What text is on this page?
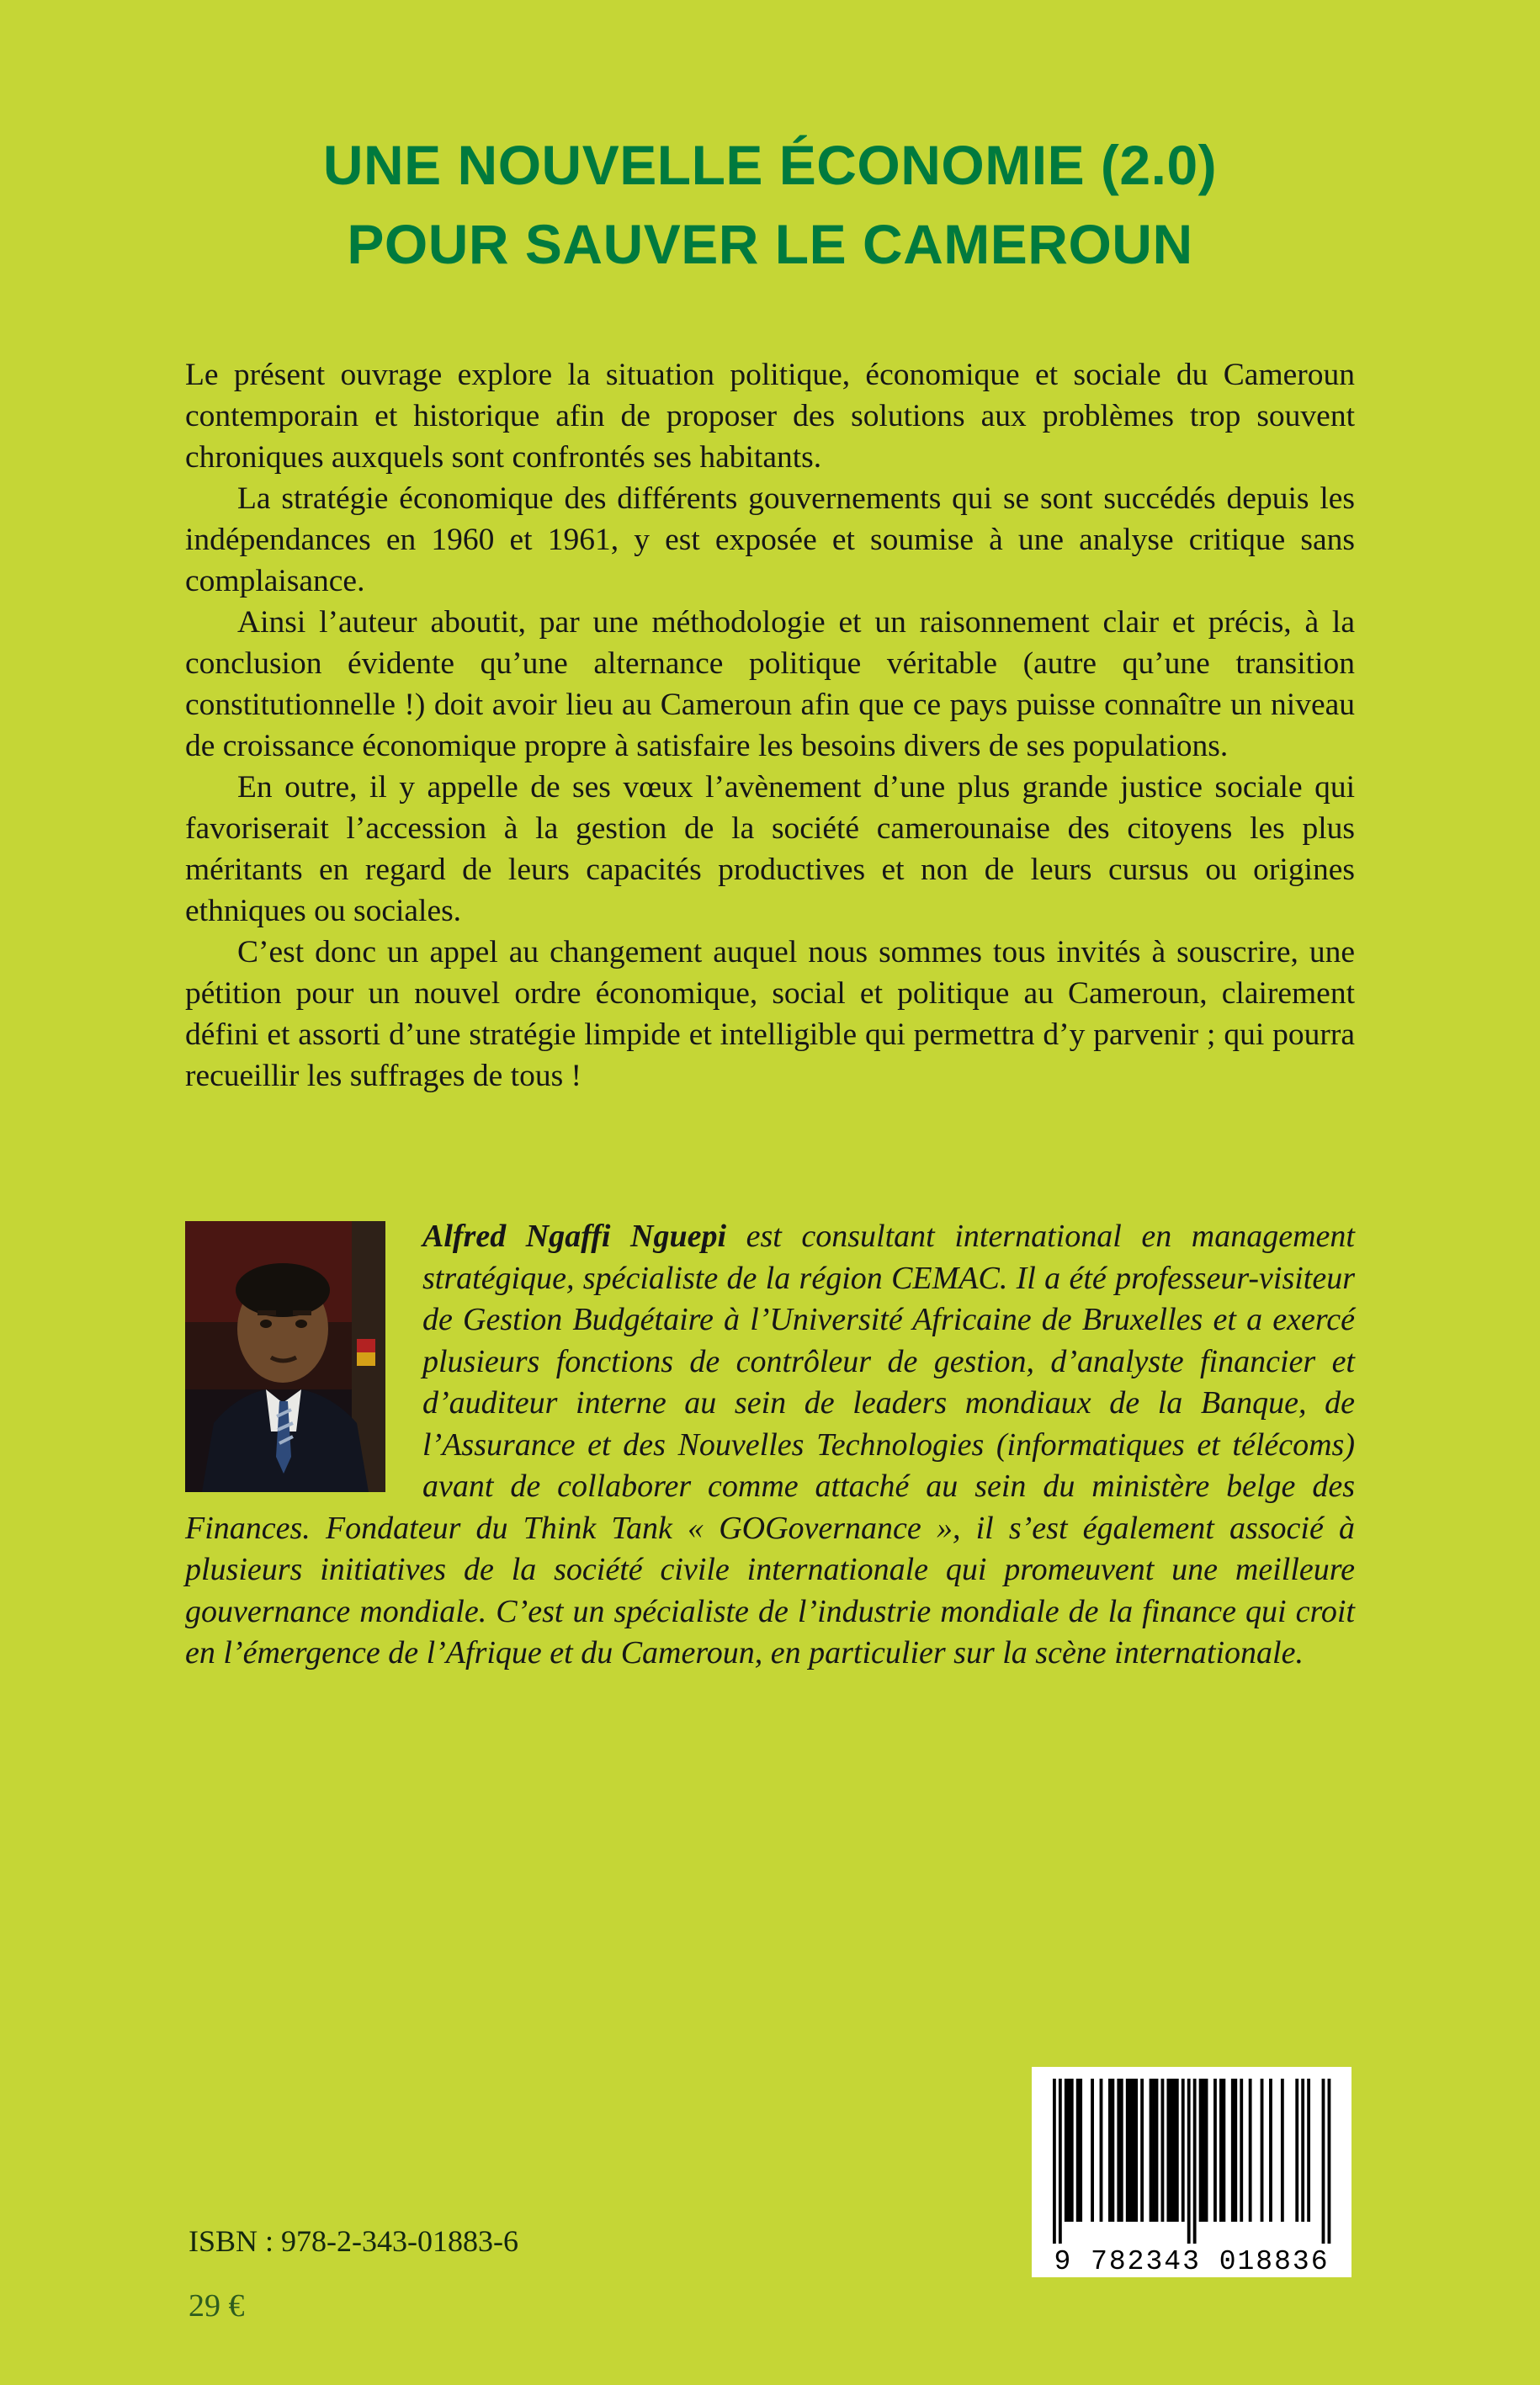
UNE NOUVELLE ÉCONOMIE (2.0)
POUR SAUVER LE CAMEROUN

Le présent ouvrage explore la situation politique, économique et sociale du Cameroun contemporain et historique afin de proposer des solutions aux problèmes trop souvent chroniques auxquels sont confrontés ses habitants.

La stratégie économique des différents gouvernements qui se sont succédés depuis les indépendances en 1960 et 1961, y est exposée et soumise à une analyse critique sans complaisance.

Ainsi l’auteur aboutit, par une méthodologie et un raisonnement clair et précis, à la conclusion évidente qu’une alternance politique véritable (autre qu’une transition constitutionnelle !) doit avoir lieu au Cameroun afin que ce pays puisse connaître un niveau de croissance économique propre à satisfaire les besoins divers de ses populations.

En outre, il y appelle de ses vœux l’avènement d’une plus grande justice sociale qui favoriserait l’accession à la gestion de la société camerounaise des citoyens les plus méritants en regard de leurs capacités productives et non de leurs cursus ou origines ethniques ou sociales.

C’est donc un appel au changement auquel nous sommes tous invités à souscrire, une pétition pour un nouvel ordre économique, social et politique au Cameroun, clairement défini et assorti d’une stratégie limpide et intelligible qui permettra d’y parvenir ; qui pourra recueillir les suffrages de tous !

Alfred Ngaffi Nguepi est consultant international en management stratégique, spécialiste de la région CEMAC. Il a été professeur-visiteur de Gestion Budgétaire à l’Université Africaine de Bruxelles et a exercé plusieurs fonctions de contrôleur de gestion, d’analyste financier et d’auditeur interne au sein de leaders mondiaux de la Banque, de l’Assurance et des Nouvelles Technologies (informatiques et télécoms) avant de collaborer comme attaché au sein du ministère belge des Finances. Fondateur du Think Tank « GOGovernance », il s’est également associé à plusieurs initiatives de la société civile internationale qui promeuvent une meilleure gouvernance mondiale. C’est un spécialiste de l’industrie mondiale de la finance qui croit en l’émergence de l’Afrique et du Cameroun, en particulier sur la scène internationale.

ISBN : 978-2-343-01883-6
29 €
9 782343 018836
